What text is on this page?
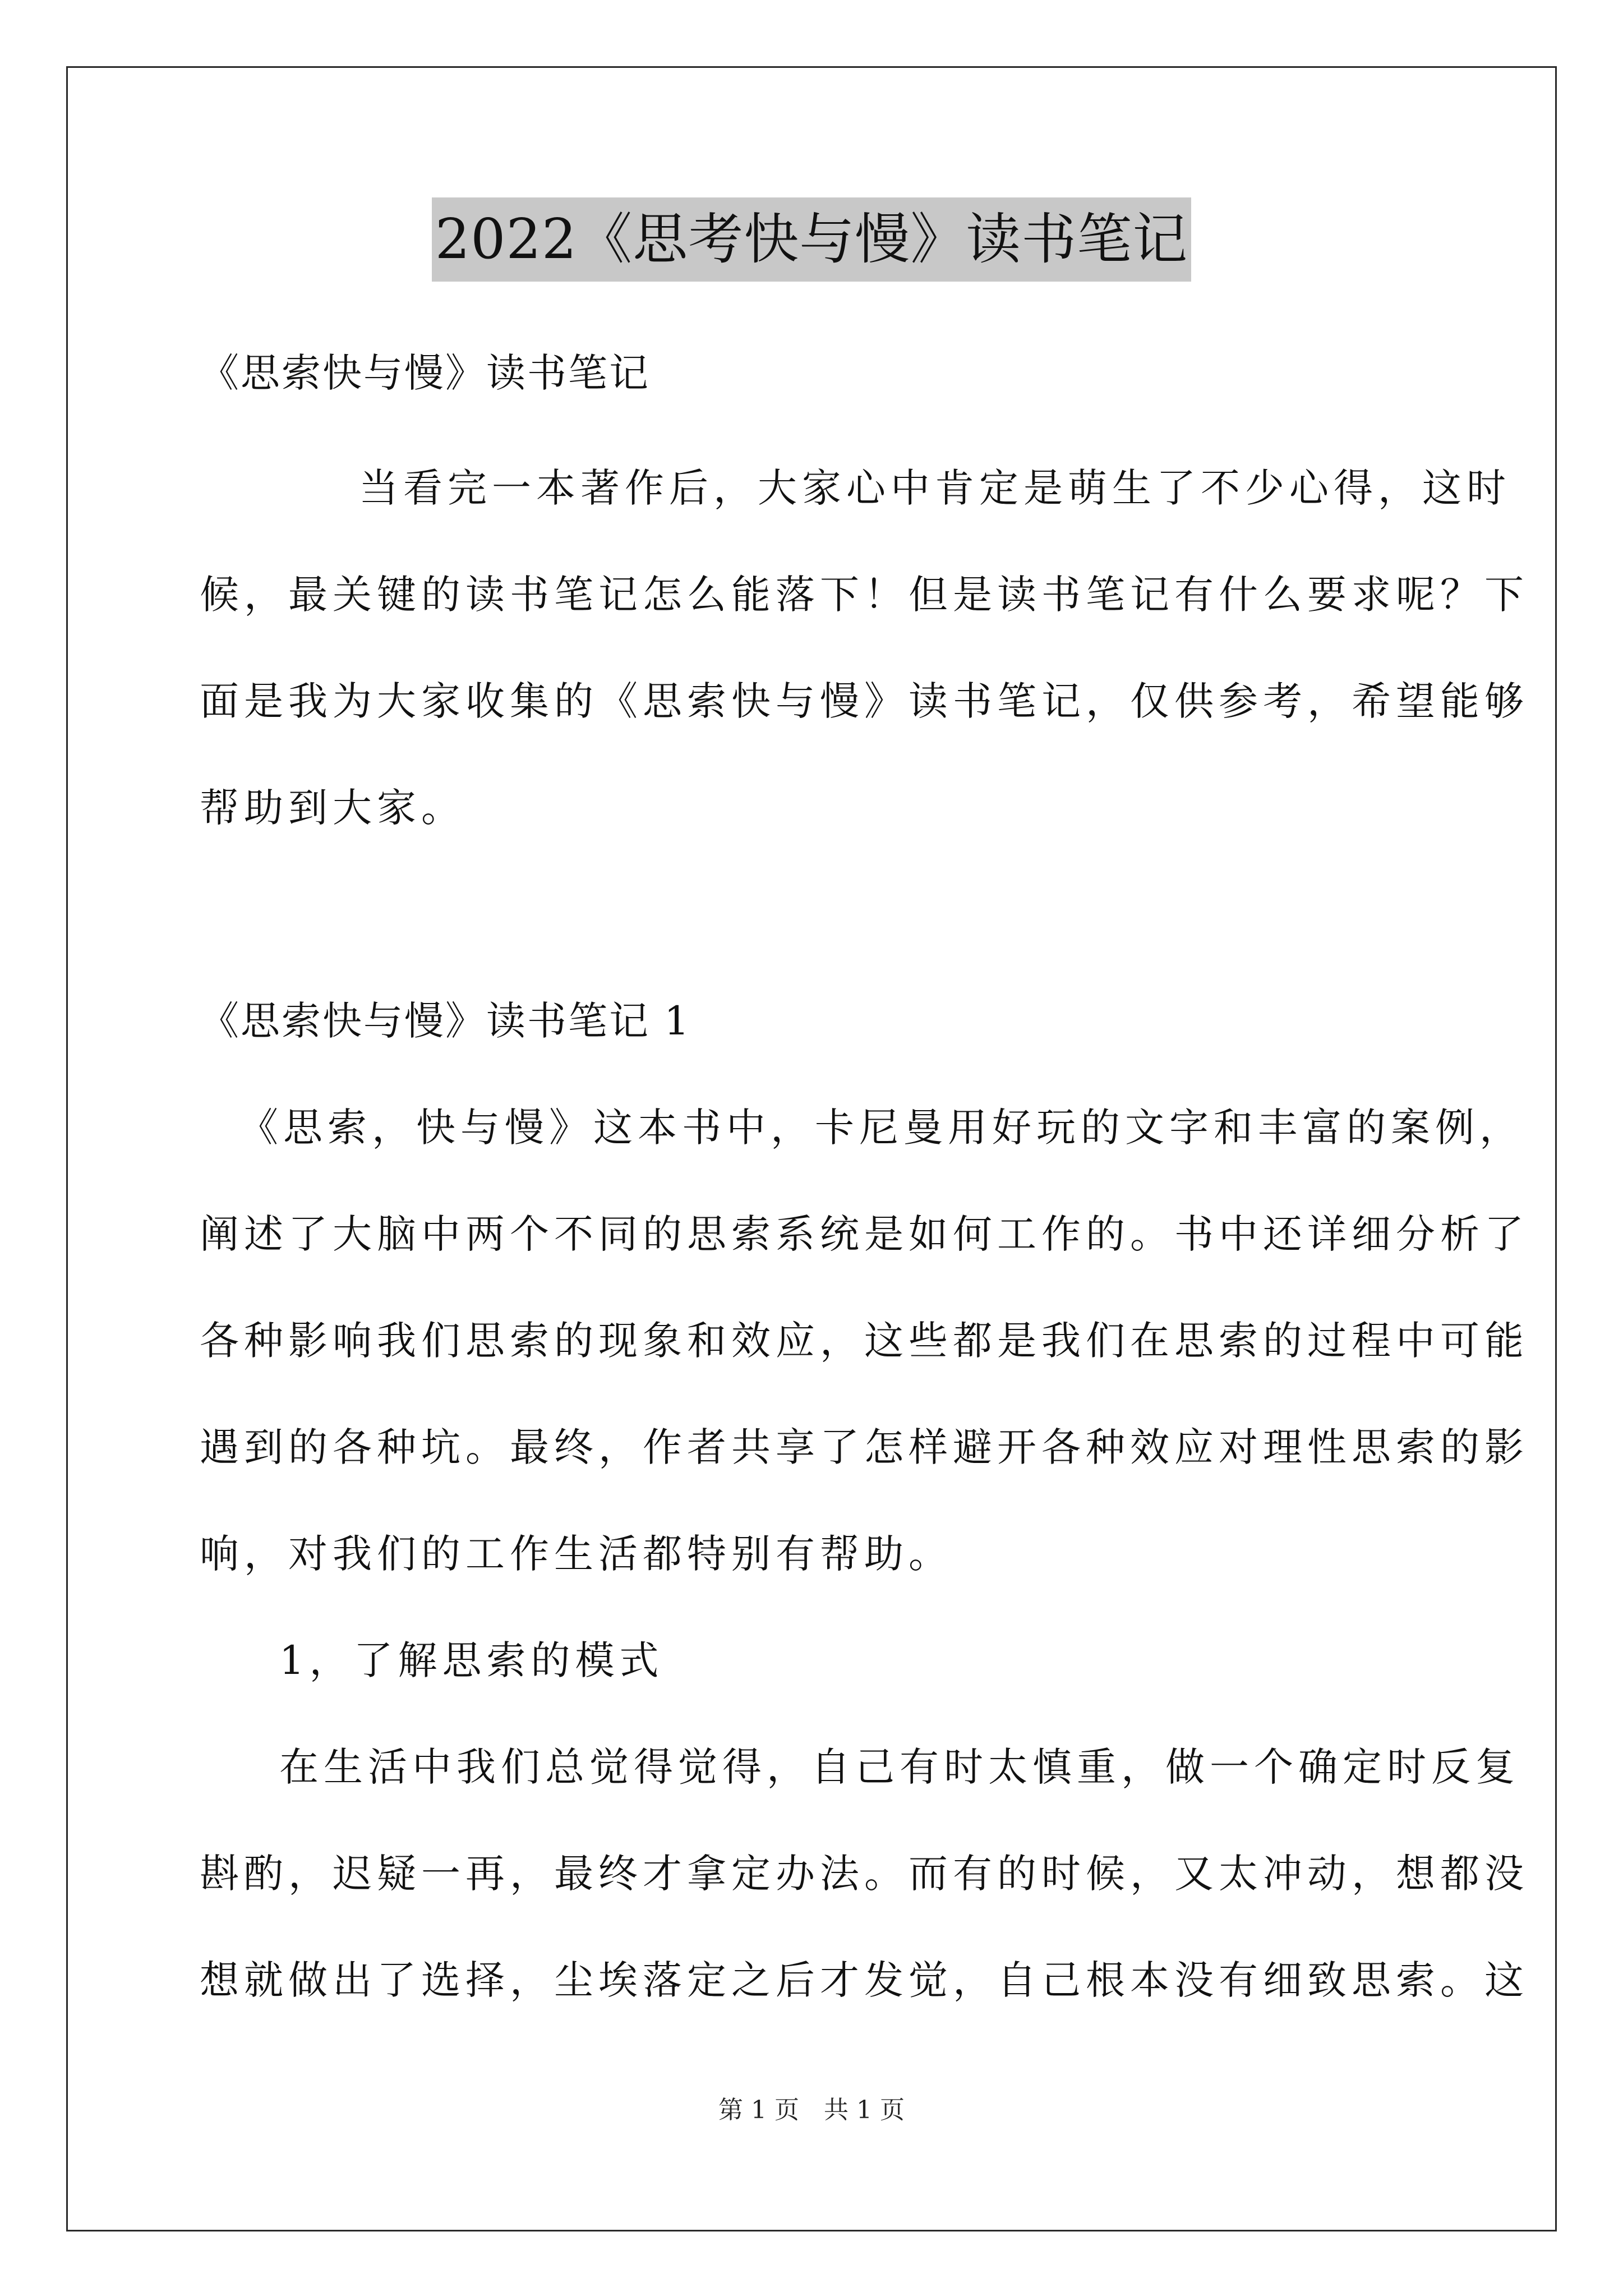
2022《思考快与慢》读书笔记
《思索快与慢》读书笔记
当看完一本著作后，大家心中肯定是萌生了不少心得，这时
候，最关键的读书笔记怎么能落下！但是读书笔记有什么要求呢？下
面是我为大家收集的《思索快与慢》读书笔记，仅供参考，希望能够
帮助到大家。
《思索快与慢》读书笔记 1
《思索，快与慢》这本书中，卡尼曼用好玩的文字和丰富的案例，
阐述了大脑中两个不同的思索系统是如何工作的。书中还详细分析了
各种影响我们思索的现象和效应，这些都是我们在思索的过程中可能
遇到的各种坑。最终，作者共享了怎样避开各种效应对理性思索的影
响，对我们的工作生活都特别有帮助。
1，了解思索的模式
在生活中我们总觉得觉得，自己有时太慎重，做一个确定时反复
斟酌，迟疑一再，最终才拿定办法。而有的时候，又太冲动，想都没
想就做出了选择，尘埃落定之后才发觉，自己根本没有细致思索。这
第 1 页　共 1 页
